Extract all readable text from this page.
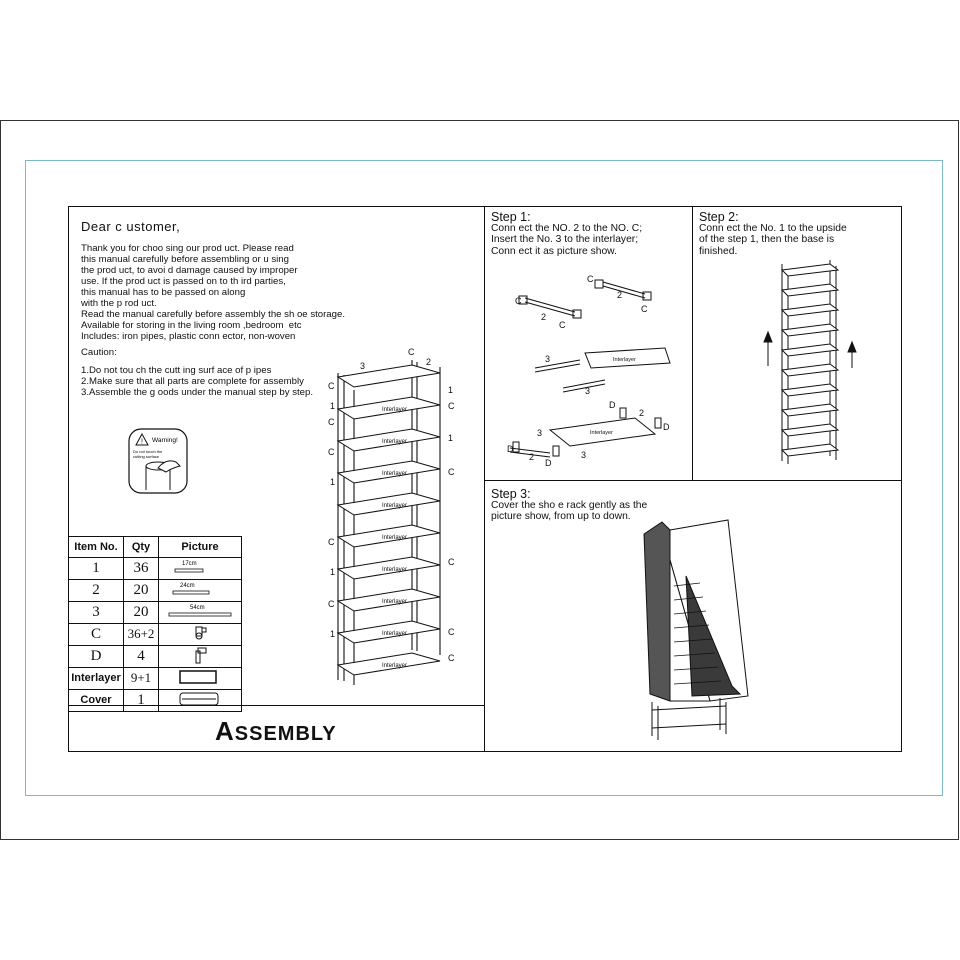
Dear c ustomer,
Thank you for choo sing our prod uct. Please read
this manual carefully before assembling or u sing
the prod uct, to avoi d damage caused by improper
use. If the prod uct is passed on to th ird parties,
this manual has to be passed on along
with the p rod uct.
Read the manual carefully before assembly the sh oe storage.
Available for storing in the living room ,bedroom  etc
Includes: iron pipes, plastic conn ector, non-woven
Caution:
1.Do not tou ch the cutt ing surf ace of p ipes
2.Make sure that all parts are complete for assembly
3.Assemble the g oods under the manual step by step.
! Warning!
Do not touch the
cutting surface
Item No.	Qty	Picture
1	36	17cm

2	20	24cm

3	20	54cm

C	36+2	
D	4	
Interlayer	9+1	
Cover	1	
ASSEMBLY
Interlayer
Interlayer
Interlayer
Interlayer
Interlayer
Interlayer
Interlayer
Interlayer
Interlayer
3
C
2
C
1
C
1
C
1
C
1
C
C
1
C
C
1	C
C
Step 1:
Conn ect the NO. 2 to the NO. C;
Insert the No. 3 to the interlayer;
Conn ect it as picture show.
C
2
C
C
2
C
3
3
D
2
D
3
D
2
D
3
Interlayer
Interlayer
Step 2:
Conn ect the No. 1 to the upside
of the step 1, then the base is
finished.
Step 3:
Cover the sho e rack gently as the
picture show, from up to down.
